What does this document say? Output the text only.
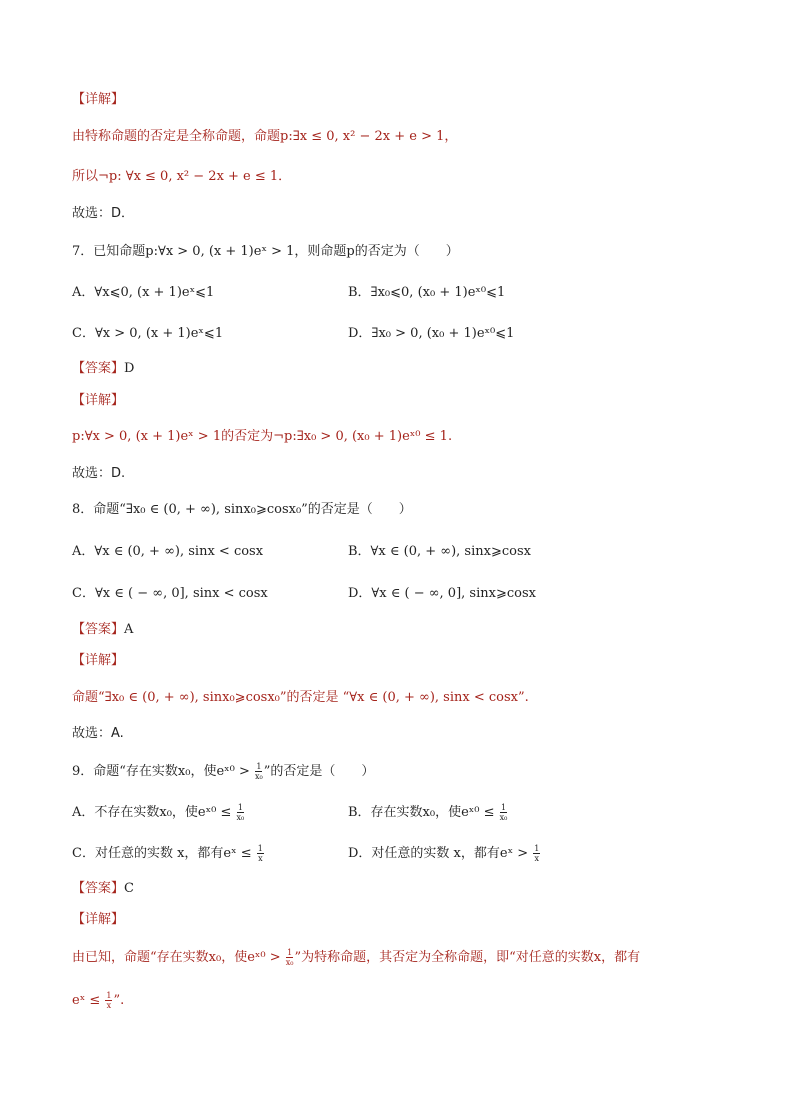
【详解】
由特称命题的否定是全称命题，命题p:∃x ≤ 0, x² − 2x + e > 1，
所以¬p: ∀x ≤ 0, x² − 2x + e ≤ 1．
故选：D．
7．已知命题p:∀x > 0, (x + 1)eˣ > 1，则命题p的否定为（　　）
A．∀x⩽0, (x + 1)eˣ⩽1	B．∃x₀⩽0, (x₀ + 1)eˣ⁰⩽1
C．∀x > 0, (x + 1)eˣ⩽1	D．∃x₀ > 0, (x₀ + 1)eˣ⁰⩽1
【答案】D
【详解】
p:∀x > 0, (x + 1)eˣ > 1的否定为¬p:∃x₀ > 0, (x₀ + 1)eˣ⁰ ≤ 1.
故选：D.
8．命题“∃x₀ ∈ (0, + ∞), sinx₀⩾cosx₀”的否定是（　　）
A．∀x ∈ (0, + ∞), sinx < cosx	B．∀x ∈ (0, + ∞), sinx⩾cosx
C．∀x ∈ ( − ∞, 0], sinx < cosx	D．∀x ∈ ( − ∞, 0], sinx⩾cosx
【答案】A
【详解】
命题“∃x₀ ∈ (0, + ∞), sinx₀⩾cosx₀”的否定是 “∀x ∈ (0, + ∞), sinx < cosx”.
故选：A.
9．命题“存在实数x₀，使eˣ⁰ > $\frac{1}{\text{x₀}}$ ”的否定是（　　）
A．不存在实数x₀，使eˣ⁰ ≤ $\frac{1}{\text{x₀}}$	B．存在实数x₀，使eˣ⁰ ≤ $\frac{1}{\text{x₀}}$
C．对任意的实数 x，都有eˣ ≤ $\frac{1}{x}$	D．对任意的实数 x，都有eˣ > $\frac{1}{x}$
【答案】C
【详解】
由已知，命题“存在实数x₀，使eˣ⁰ > $\frac{1}{\text{x₀}}$ ”为特称命题，其否定为全称命题，即“对任意的实数x，都有
eˣ ≤ $\frac{1}{x}$ ”.
